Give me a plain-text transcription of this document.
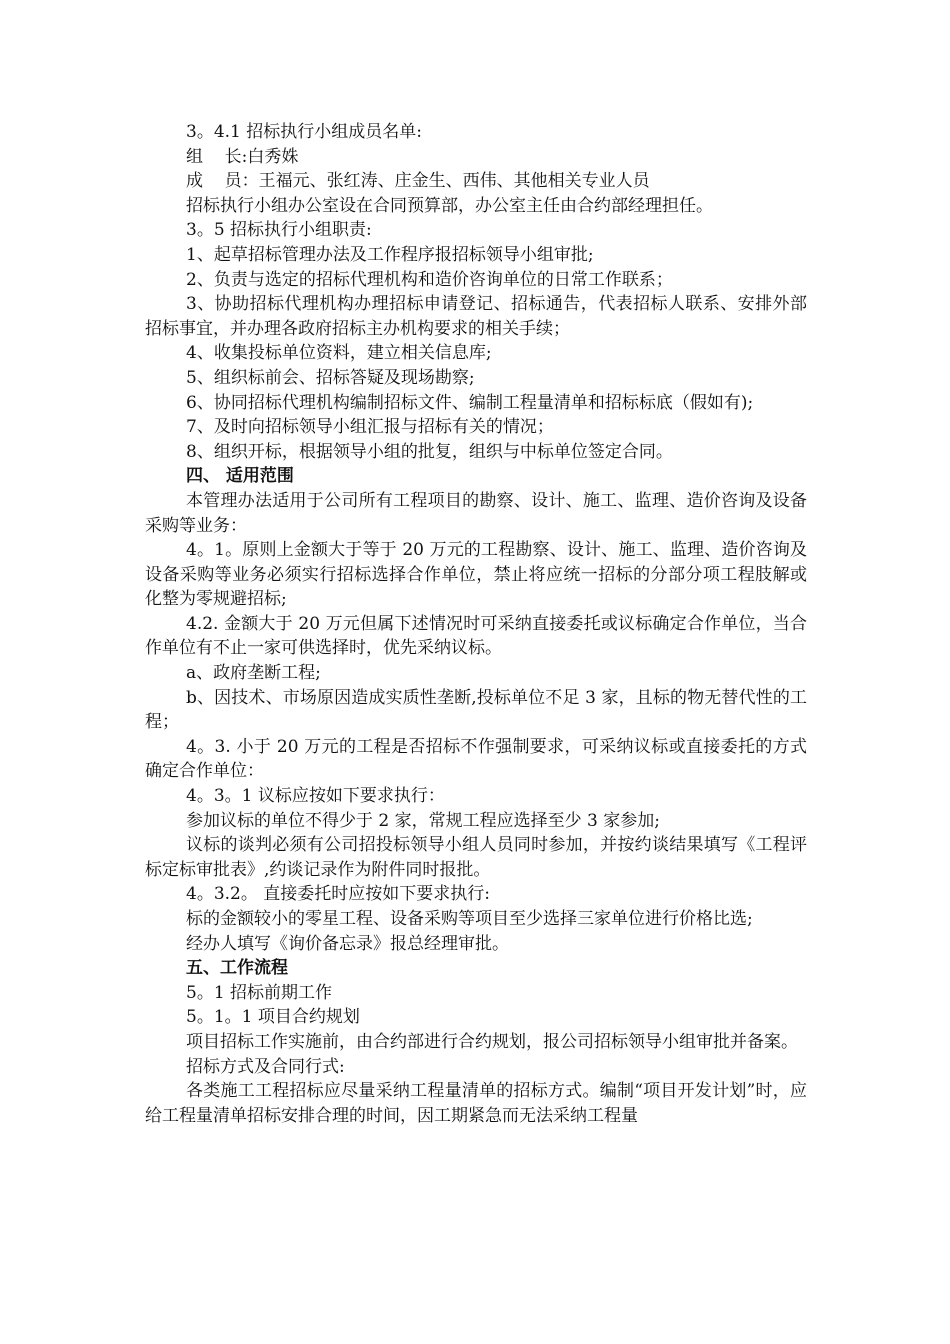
3。4.1 招标执行小组成员名单:

组    长:白秀姝

成    员：王福元、张红涛、庄金生、西伟、其他相关专业人员

招标执行小组办公室设在合同预算部，办公室主任由合约部经理担任。

3。5 招标执行小组职责:

1、起草招标管理办法及工作程序报招标领导小组审批;

2、负责与选定的招标代理机构和造价咨询单位的日常工作联系；

3、协助招标代理机构办理招标申请登记、招标通告，代表招标人联系、安排外部招标事宜，并办理各政府招标主办机构要求的相关手续；

4、收集投标单位资料，建立相关信息库;

5、组织标前会、招标答疑及现场勘察;

6、协同招标代理机构编制招标文件、编制工程量清单和招标标底（假如有);

7、及时向招标领导小组汇报与招标有关的情况；

8、组织开标，根据领导小组的批复，组织与中标单位签定合同。

四、 适用范围

本管理办法适用于公司所有工程项目的勘察、设计、施工、监理、造价咨询及设备采购等业务：

4。1。原则上金额大于等于 20 万元的工程勘察、设计、施工、监理、造价咨询及设备采购等业务必须实行招标选择合作单位，禁止将应统一招标的分部分项工程肢解或化整为零规避招标;

4.2. 金额大于 20 万元但属下述情况时可采纳直接委托或议标确定合作单位，当合作单位有不止一家可供选择时，优先采纳议标。

a、政府垄断工程;

b、因技术、市场原因造成实质性垄断,投标单位不足 3 家，且标的物无替代性的工程；

4。3. 小于 20 万元的工程是否招标不作强制要求，可采纳议标或直接委托的方式确定合作单位：

4。3。1 议标应按如下要求执行：

参加议标的单位不得少于 2 家，常规工程应选择至少 3 家参加;

议标的谈判必须有公司招投标领导小组人员同时参加，并按约谈结果填写《工程评标定标审批表》,约谈记录作为附件同时报批。

4。3.2。 直接委托时应按如下要求执行:

标的金额较小的零星工程、设备采购等项目至少选择三家单位进行价格比选;

经办人填写《询价备忘录》报总经理审批。

五、工作流程

5。1 招标前期工作

5。1。1 项目合约规划

项目招标工作实施前，由合约部进行合约规划，报公司招标领导小组审批并备案。

招标方式及合同行式:

各类施工工程招标应尽量采纳工程量清单的招标方式。编制“项目开发计划”时，应给工程量清单招标安排合理的时间，因工期紧急而无法采纳工程量
